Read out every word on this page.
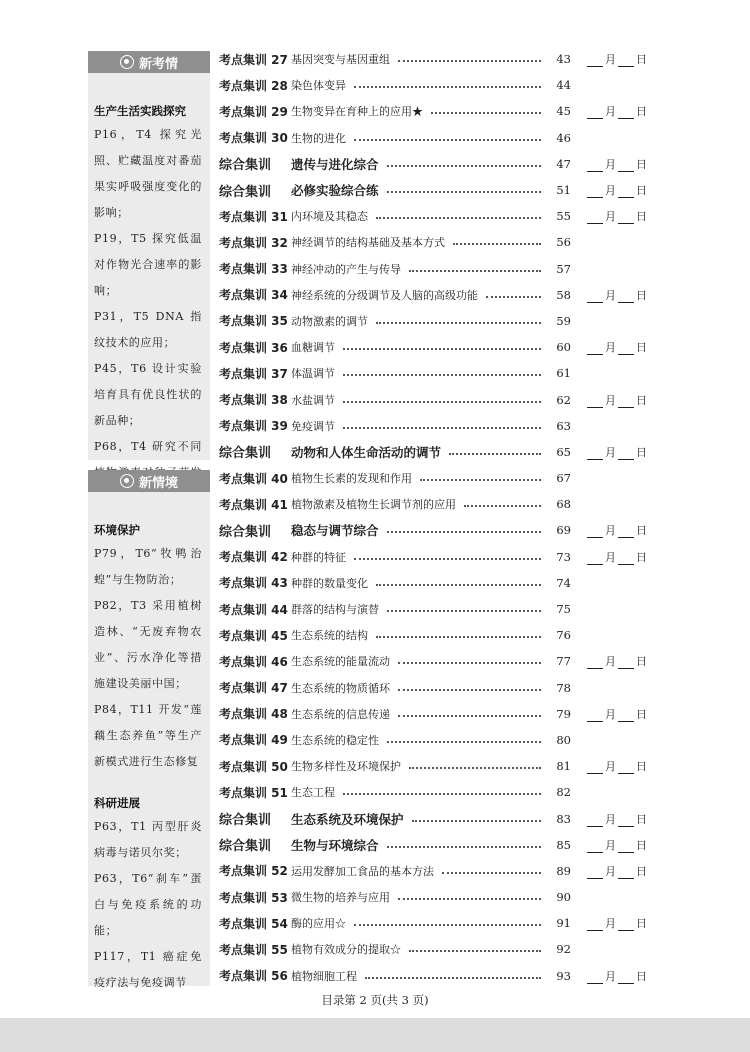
新考情
生产生活实践探究

P16，T4 探究光照、贮藏温度对番茄果实呼吸强度变化的影响；

P19，T5 探究低温对作物光合速率的影响；

P31，T5 DNA 指纹技术的应用；

P45，T6 设计实验培育具有优良性状的新品种；

P68，T4 研究不同

新情境
环境保护

P79，T6“牧鸭治蝗”与生物防治；

P82，T3 采用植树造林、“无废弃物农业”、污水净化等措施建设美丽中国；

P84，T11 开发“莲藕生态养鱼”等生产新模式进行生态修复

科研进展

P63，T1 丙型肝炎病毒与诺贝尔奖；

P63，T6“刹车”蛋白与免疫系统的功能；

P117，T1 癌症免疫疗法与免疫调节

考点集训 27 基因突变与基因重组	43	月 日
考点集训 28 染色体变异	44
考点集训 29 生物变异在育种上的应用★	45	月 日
考点集训 30 生物的进化	46
综合集训	遗传与进化综合	47	月 日
综合集训	必修实验综合练	51	月 日
考点集训 31 内环境及其稳态	55	月 日
考点集训 32 神经调节的结构基础及基本方式	56
考点集训 33 神经冲动的产生与传导	57
考点集训 34 神经系统的分级调节及人脑的高级功能	58	月 日
考点集训 35 动物激素的调节	59
考点集训 36 血糖调节	60	月 日
考点集训 37 体温调节	61
考点集训 38 水盐调节	62	月 日
考点集训 39 免疫调节	63
综合集训	动物和人体生命活动的调节	65	月 日
考点集训 40 植物生长素的发现和作用	67
考点集训 41 植物激素及植物生长调节剂的应用	68
综合集训	稳态与调节综合	69	月 日
考点集训 42 种群的特征	73	月 日
考点集训 43 种群的数量变化	74
考点集训 44 群落的结构与演替	75
考点集训 45 生态系统的结构	76
考点集训 46 生态系统的能量流动	77	月 日
考点集训 47 生态系统的物质循环	78
考点集训 48 生态系统的信息传递	79	月 日
考点集训 49 生态系统的稳定性	80
考点集训 50 生物多样性及环境保护	81	月 日
考点集训 51 生态工程	82
综合集训	生态系统及环境保护	83	月 日
综合集训	生物与环境综合	85	月 日
考点集训 52 运用发酵加工食品的基本方法	89	月 日
考点集训 53 微生物的培养与应用	90
考点集训 54 酶的应用☆	91	月 日
考点集训 55 植物有效成分的提取☆	92
考点集训 56 植物细胞工程	93	月 日
目录第 2 页(共 3 页)
